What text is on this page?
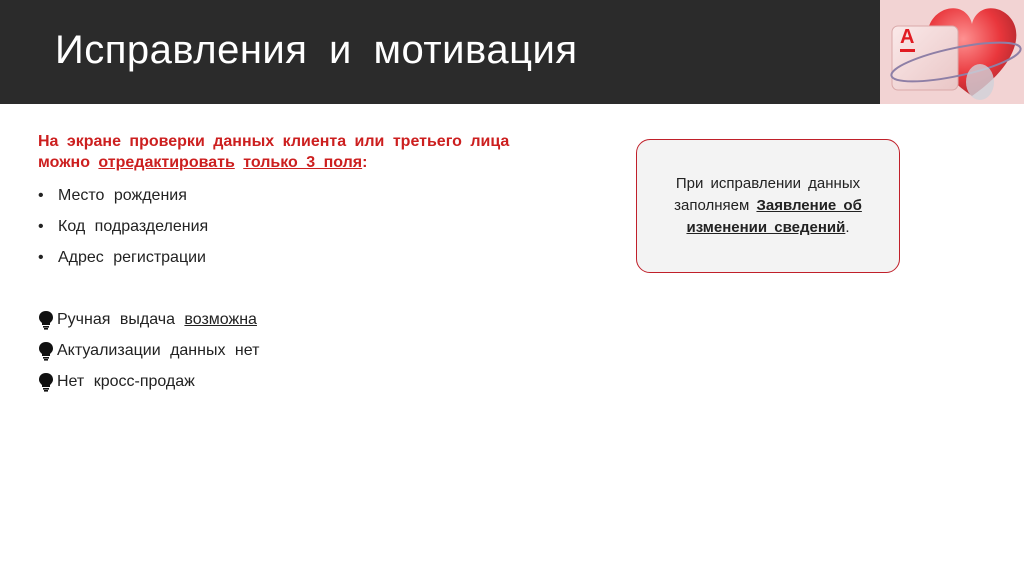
Исправления и мотивация	А
На экране проверки данных клиента или третьего лица
можно отредактировать только 3 поля:
• Место рождения
• Код подразделения
• Адрес регистрации
Ручная выдача возможна
Актуализации данных нет
Нет кросс-продаж
При исправлении данных заполняем Заявление об изменении сведений.
